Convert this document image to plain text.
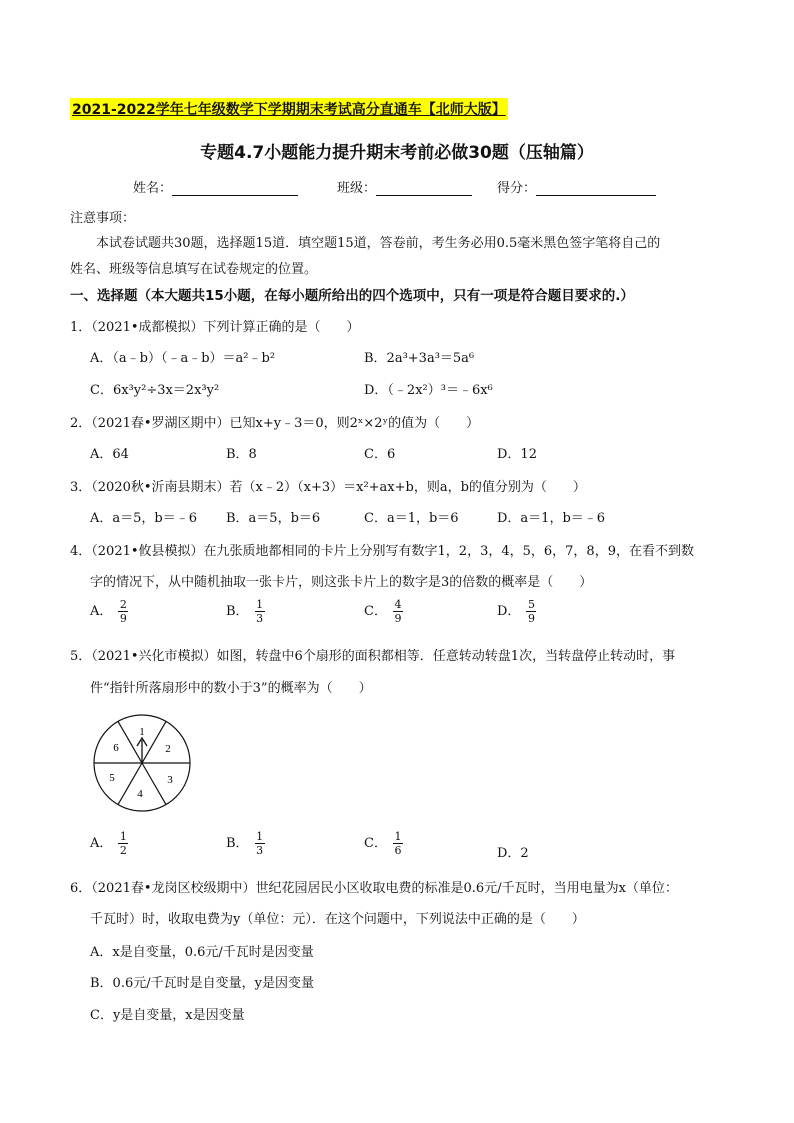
2021-2022学年七年级数学下学期期末考试高分直通车【北师大版】
专题4.7小题能力提升期末考前必做30题（压轴篇）
姓名：	班级：	得分：
注意事项：
本试卷试题共30题，选择题15道．填空题15道，答卷前，考生务必用0.5毫米黑色签字笔将自己的
姓名、班级等信息填写在试卷规定的位置。
一、选择题（本大题共15小题，在每小题所给出的四个选项中，只有一项是符合题目要求的.）
1．（2021•成都模拟）下列计算正确的是（　　）
A．（a﹣b）（﹣a﹣b）＝a²﹣b²	B．2a³+3a³＝5a⁶
C．6x³y²÷3x＝2x³y²	D．（﹣2x²）³＝﹣6x⁶
2．（2021春•罗湖区期中）已知x+y﹣3＝0，则2ˣ×2ʸ的值为（　　）
A．64	B．8	C．6	D．12
3．（2020秋•沂南县期末）若（x﹣2）（x+3）＝x²+ax+b，则a，b的值分别为（　　）
A．a＝5，b＝﹣6 B．a＝5，b＝6	C．a＝1，b＝6	D．a＝1，b＝﹣6
4．（2021•攸县模拟）在九张质地都相同的卡片上分别写有数字1，2，3，4，5，6，7，8，9，在看不到数
字的情况下，从中随机抽取一张卡片，则这张卡片上的数字是3的倍数的概率是（　　）
A． $\frac{2}{9}$	B． $\frac{1}{3}$	C． $\frac{4}{9}$	D． $\frac{5}{9}$
5．（2021•兴化市模拟）如图，转盘中6个扇形的面积都相等．任意转动转盘1次，当转盘停止转动时，事
件“指针所落扇形中的数小于3”的概率为（　　）
1
2
3
4
5
6
A． $\frac{1}{2}$	B． $\frac{1}{3}$	C． $\frac{1}{6}$	D．2
6．（2021春•龙岗区校级期中）世纪花园居民小区收取电费的标准是0.6元/千瓦时，当用电量为x（单位：
千瓦时）时，收取电费为y（单位：元）．在这个问题中，下列说法中正确的是（　　）
A．x是自变量，0.6元/千瓦时是因变量
B．0.6元/千瓦时是自变量，y是因变量
C．y是自变量，x是因变量
